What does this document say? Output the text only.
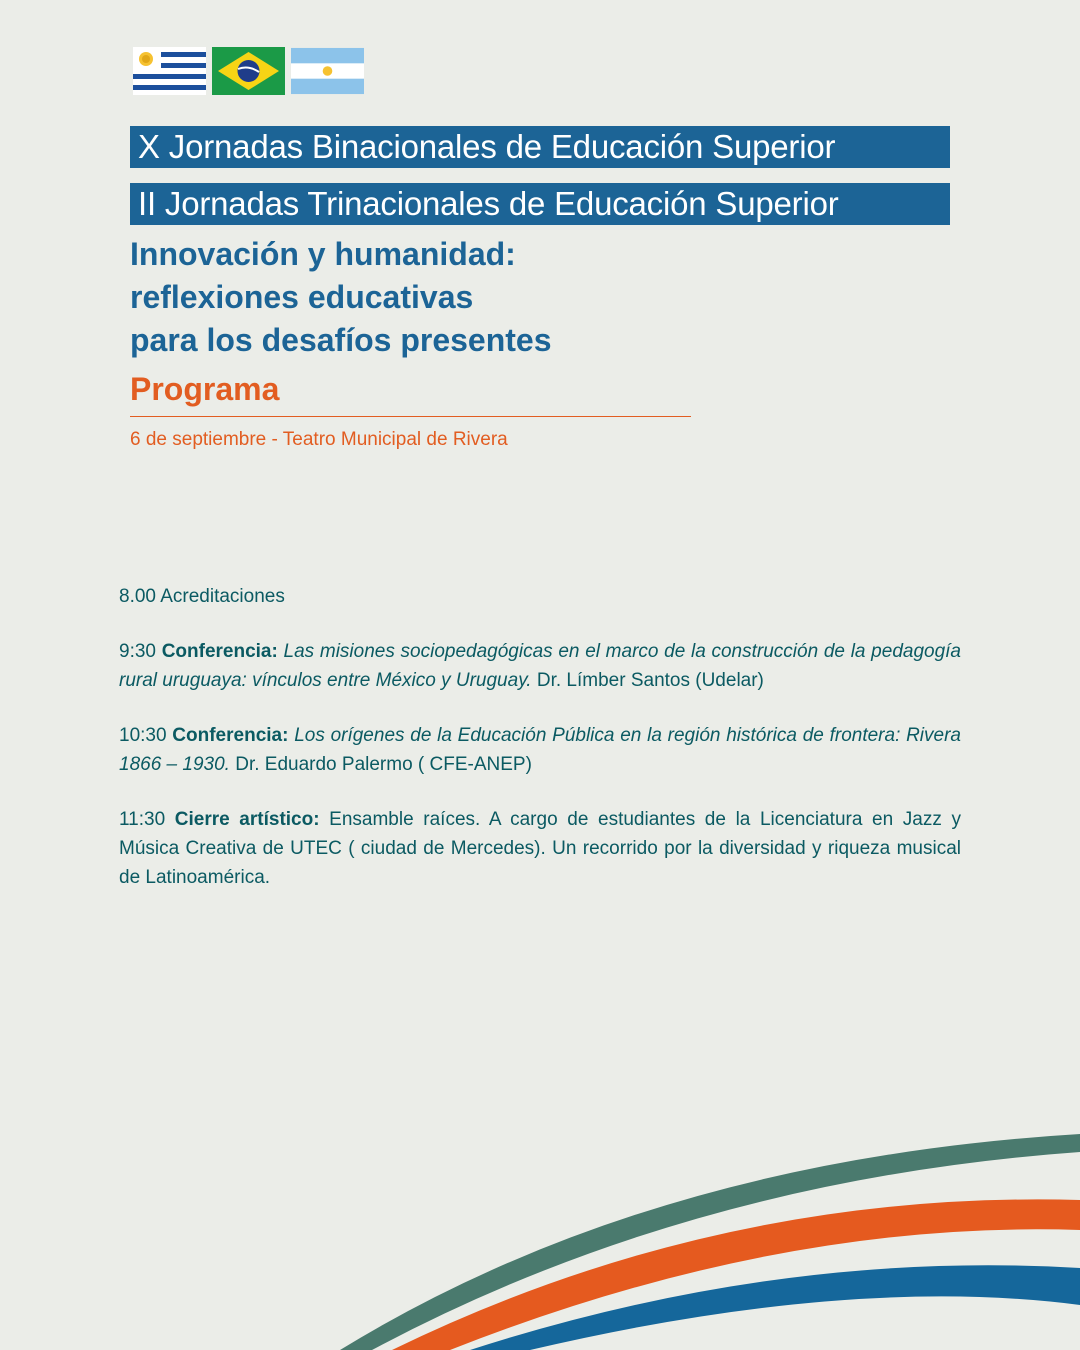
X Jornadas Binacionales de Educación Superior
II Jornadas Trinacionales de Educación Superior
Innovación y humanidad:
reflexiones educativas
para los desafíos presentes
Programa
6 de septiembre - Teatro Municipal de Rivera

8.00 Acreditaciones

9:30 Conferencia: Las misiones sociopedagógicas en el marco de la construcción de la pedagogía rural uruguaya: vínculos entre México y Uruguay. Dr. Límber Santos (Udelar)

10:30 Conferencia: Los orígenes de la Educación Pública en la región histórica de frontera: Rivera 1866 – 1930. Dr. Eduardo Palermo ( CFE-ANEP)

11:30 Cierre artístico: Ensamble raíces. A cargo de estudiantes de la Licenciatura en Jazz y Música Creativa de UTEC ( ciudad de Mercedes). Un recorrido por la diversidad y riqueza musical de Latinoamérica.
